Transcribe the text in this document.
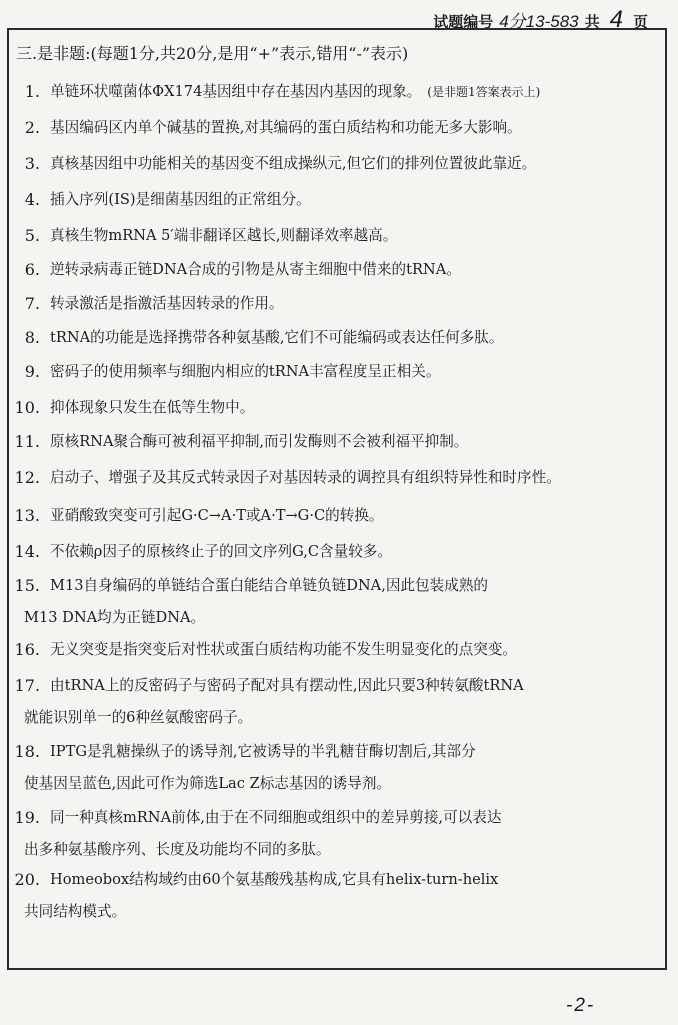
试题编号 4分13-583 共 4 页
三.是非题:(每题1分,共20分,是用“+”表示,错用“-”表示)
1. 单链环状噬菌体ΦX174基因组中存在基因内基因的现象。 (是非题1答案表示上)
2. 基因编码区内单个碱基的置换,对其编码的蛋白质结构和功能无多大影响。
3. 真核基因组中功能相关的基因变不组成操纵元,但它们的排列位置彼此靠近。
4. 插入序列(IS)是细菌基因组的正常组分。
5. 真核生物mRNA 5′端非翻译区越长,则翻译效率越高。
6. 逆转录病毒正链DNA合成的引物是从寄主细胞中借来的tRNA。
7. 转录激活是指激活基因转录的作用。
8. tRNA的功能是选择携带各种氨基酸,它们不可能编码或表达任何多肽。
9. 密码子的使用频率与细胞内相应的tRNA丰富程度呈正相关。
10. 抑体现象只发生在低等生物中。
11. 原核RNA聚合酶可被利福平抑制,而引发酶则不会被利福平抑制。
12. 启动子、增强子及其反式转录因子对基因转录的调控具有组织特异性和时序性。
13. 亚硝酸致突变可引起G·C→A·T或A·T→G·C的转换。
14. 不依赖ρ因子的原核终止子的回文序列G,C含量较多。
15. M13自身编码的单链结合蛋白能结合单链负链DNA,因此包装成熟的
M13 DNA均为正链DNA。
16. 无义突变是指突变后对性状或蛋白质结构功能不发生明显变化的点突变。
17. 由tRNA上的反密码子与密码子配对具有摆动性,因此只要3种转氨酸tRNA
就能识别单一的6种丝氨酸密码子。
18. IPTG是乳糖操纵子的诱导剂,它被诱导的半乳糖苷酶切割后,其部分
使基因呈蓝色,因此可作为筛选Lac Z标志基因的诱导剂。
19. 同一种真核mRNA前体,由于在不同细胞或组织中的差异剪接,可以表达
出多种氨基酸序列、长度及功能均不同的多肽。
20. Homeobox结构域约由60个氨基酸残基构成,它具有helix-turn-helix
共同结构模式。
-2-
